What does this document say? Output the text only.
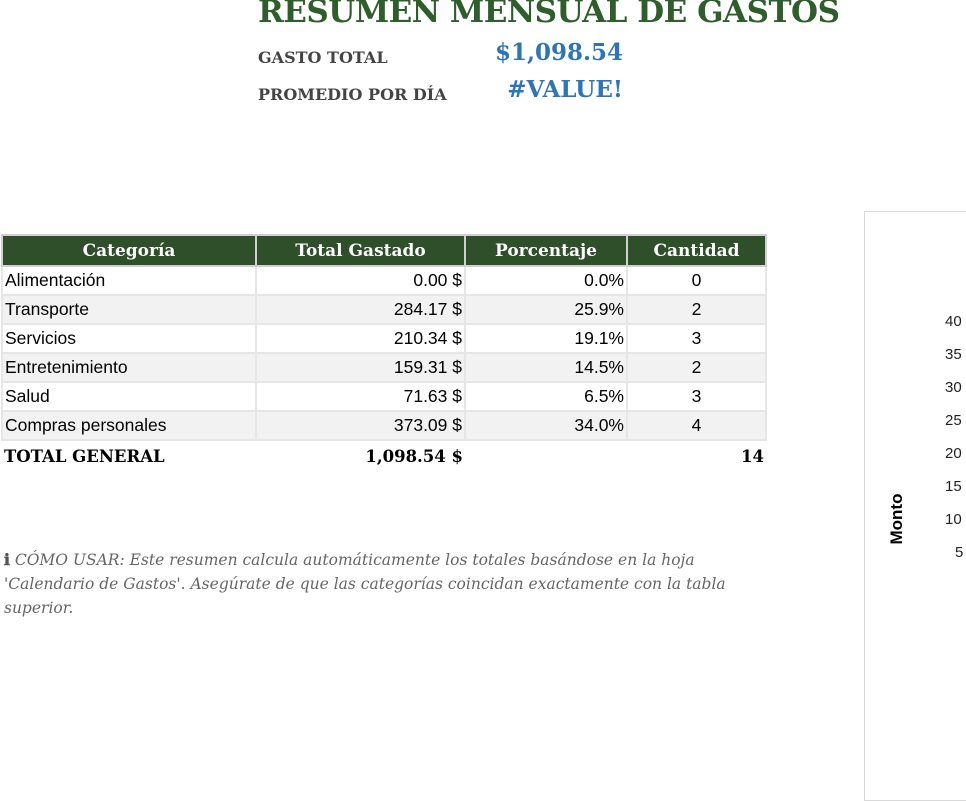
RESUMEN MENSUAL DE GASTOS
GASTO TOTAL	$1,098.54
PROMEDIO POR DÍA	#VALUE!
Categoría	Total Gastado	Porcentaje	Cantidad
Alimentación	0.00 $	0.0%	0
Transporte	284.17 $	25.9%	2
Servicios	210.34 $	19.1%	3
Entretenimiento	159.31 $	14.5%	2
Salud	71.63 $	6.5%	3
Compras personales	373.09 $	34.0%	4
TOTAL GENERAL	1,098.54 $		14

ℹ CÓMO USAR: Este resumen calcula automáticamente los totales basándose en la hoja 'Calendario de Gastos'. Asegúrate de que las categorías coincidan exactamente con la tabla superior.

Monto
40
35
30
25
20
15
10
5
